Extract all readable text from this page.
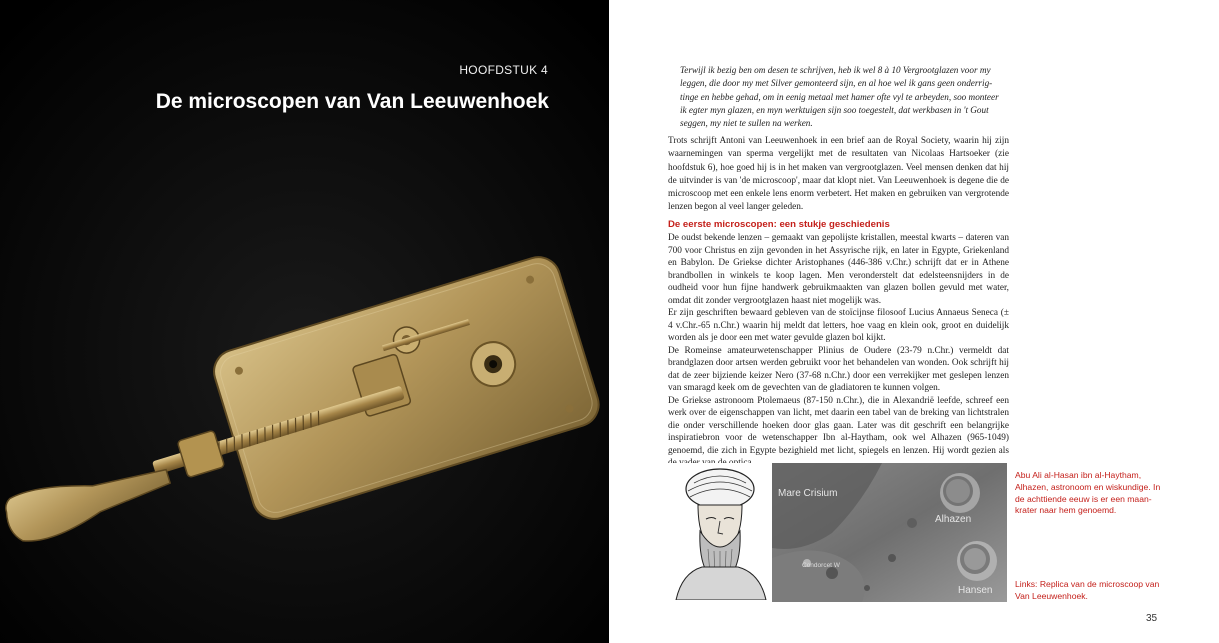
HOOFDSTUK 4
De microscopen van Van Leeuwenhoek
Terwijl ik bezig ben om desen te schrijven, heb ik wel 8 à 10 Vergrootglazen voor my
leggen, die door my met Silver gemonteerd sijn, en al hoe wel ik gans geen onderrig-
tinge en hebbe gehad, om in eenig metaal met hamer ofte vyl te arbeyden, soo monteer
ik egter myn glazen, en myn werktuigen sijn soo toegestelt, dat werkbasen in 't Gout
seggen, my niet te sullen na werken.
Trots schrijft Antoni van Leeuwenhoek in een brief aan de Royal Society, waarin hij zijn waarnemingen van sperma vergelijkt met de resultaten van Nicolaas Hartsoeker (zie hoofdstuk 6), hoe goed hij is in het maken van vergrootglazen. Veel mensen denken dat hij de uitvinder is van 'de microscoop', maar dat klopt niet. Van Leeuwenhoek is degene die de microscoop met een enkele lens enorm verbetert. Het maken en gebruiken van vergrotende lenzen begon al veel langer geleden.
De eerste microscopen: een stukje geschiedenis

De oudst bekende lenzen – gemaakt van gepolijste kristallen, meestal kwarts – dateren van 700 voor Christus en zijn gevonden in het Assyrische rijk, en later in Egypte, Griekenland en Babylon. De Griekse dichter Aristophanes (446-386 v.Chr.) schrijft dat er in Athene brandbollen in winkels te koop lagen. Men veronderstelt dat edelsteensnijders in de oudheid voor hun fijne handwerk gebruikmaakten van glazen bollen gevuld met water, omdat dit zonder vergrootglazen haast niet mogelijk was.

Er zijn geschriften bewaard gebleven van de stoïcijnse filosoof Lucius Annaeus Seneca (± 4 v.Chr.-65 n.Chr.) waarin hij meldt dat letters, hoe vaag en klein ook, groot en duidelijk worden als je door een met water gevulde glazen bol kijkt.

De Romeinse amateurwetenschapper Plinius de Oudere (23-79 n.Chr.) vermeldt dat brandglazen door artsen werden gebruikt voor het behandelen van wonden. Ook schrijft hij dat de zeer bijziende keizer Nero (37-68 n.Chr.) door een verrekijker met geslepen lenzen van smaragd keek om de gevechten van de gladiatoren te kunnen volgen.

De Griekse astronoom Ptolemaeus (87-150 n.Chr.), die in Alexandrië leefde, schreef een werk over de eigenschappen van licht, met daarin een tabel van de breking van lichtstralen die onder verschillende hoeken door glas gaan. Later was dit geschrift een belangrijke inspiratiebron voor de wetenschapper Ibn al-Haytham, ook wel Alhazen (965-1049) genoemd, die zich in Egypte bezighield met licht, spiegels en lenzen. Hij wordt gezien als

Mare Crisium
Alhazen
Condorcet W
Hansen
Abu Ali al-Hasan ibn al-Haytham, Alhazen, astronoom en wiskundige. In de achttiende eeuw is er een maan-krater naar hem genoemd.
Links: Replica van de microscoop van Van Leeuwenhoek.
35
